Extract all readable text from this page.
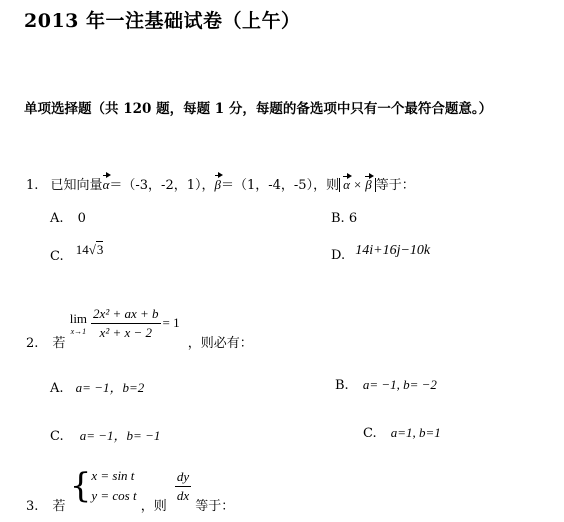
2013 年一注基础试卷（上午）
单项选择题（共 120 题，每题 1 分，每题的备选项中只有一个最符合题意。）
1. 已知向量α＝（-3，-2，1），β＝（1，-4，-5），则 α × β 等于：
A. 0	B. 6
C. 14√3	D. 14i+16j−10k
2. 若
lim
$x\to 1 \frac{\text{2x² + ax + b}}{\text{x² + x − 2}} = 1$ ，则必有：
A. a= −1，b=2	B. a= −1, b= −2
C. a= −1，b= −1	C. a=1, b=1
3. 若 { x = sin t
y = cos t
，则
$\frac{dy}{dx}$
等于：
